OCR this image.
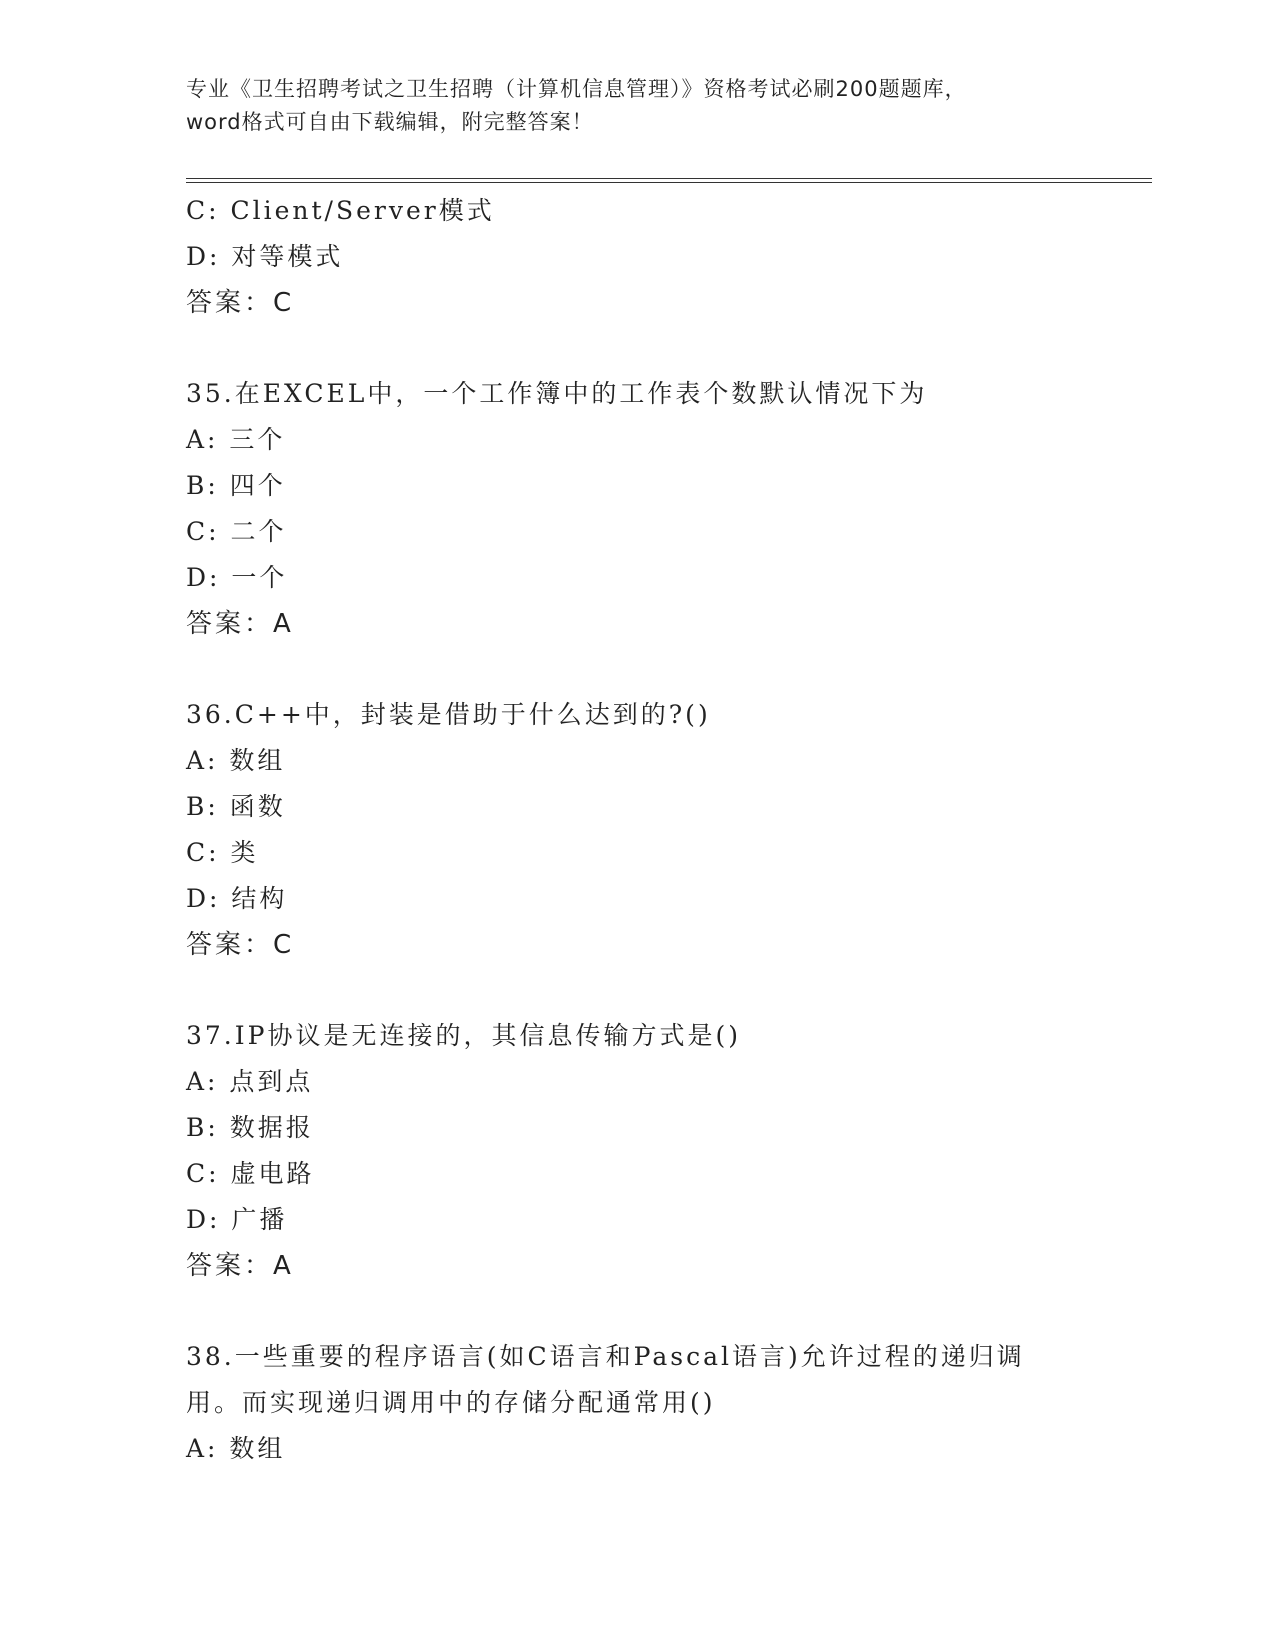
专业《卫生招聘考试之卫生招聘（计算机信息管理）》资格考试必刷200题题库，
word格式可自由下载编辑，附完整答案！
C: Client/Server模式
D: 对等模式
答案：C
35.在EXCEL中，一个工作簿中的工作表个数默认情况下为
A: 三个
B: 四个
C: 二个
D: 一个
答案：A
36.C++中，封装是借助于什么达到的?()
A: 数组
B: 函数
C: 类
D: 结构
答案：C
37.IP协议是无连接的，其信息传输方式是()
A: 点到点
B: 数据报
C: 虚电路
D: 广播
答案：A
38.一些重要的程序语言(如C语言和Pascal语言)允许过程的递归调
用。而实现递归调用中的存储分配通常用()
A: 数组
